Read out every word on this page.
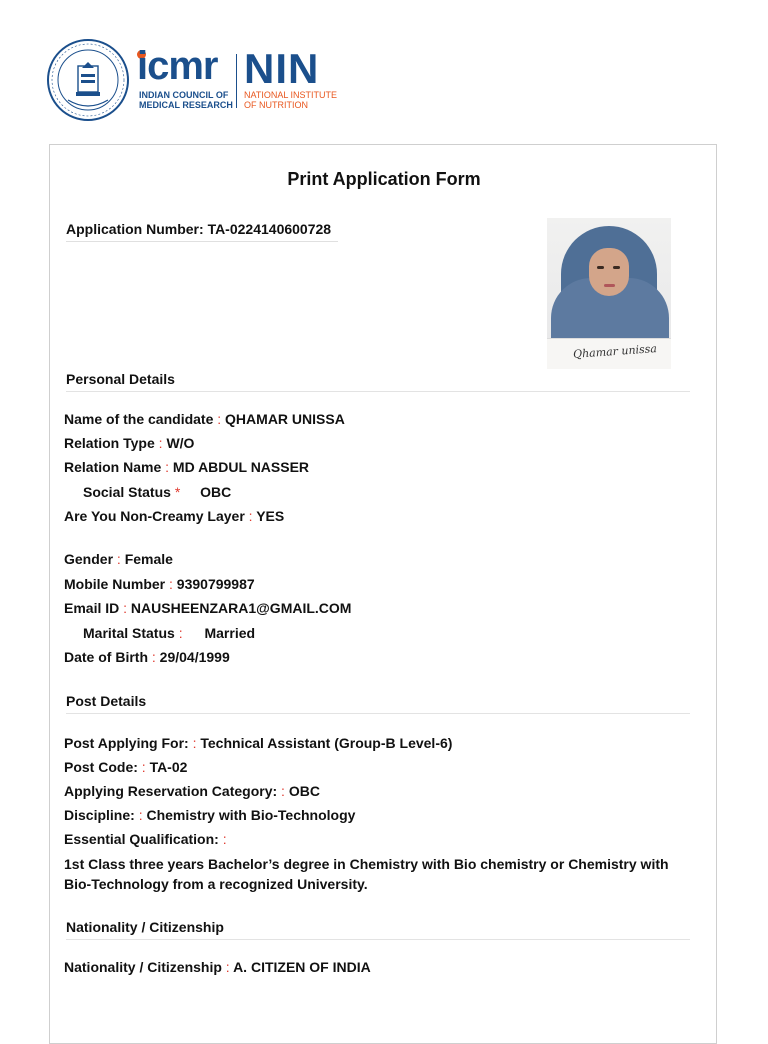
icmr
INDIAN COUNCIL OF
MEDICAL RESEARCH
NIN
NATIONAL INSTITUTE
OF NUTRITION
Print Application Form
Application Number: TA-0224140600728
Qhamar unissa
Personal Details
Name of the candidate : QHAMAR UNISSA
Relation Type : W/O
Relation Name : MD ABDUL NASSER
Social Status * OBC
Are You Non-Creamy Layer : YES
Gender : Female
Mobile Number : 9390799987
Email ID : NAUSHEENZARA1@GMAIL.COM
Marital Status : Married
Date of Birth : 29/04/1999
Post Details
Post Applying For: : Technical Assistant (Group-B Level-6)
Post Code: : TA-02
Applying Reservation Category: : OBC
Discipline: : Chemistry with Bio-Technology
Essential Qualification: :
1st Class three years Bachelor’s degree in Chemistry with Bio chemistry or Chemistry with Bio-Technology from a recognized University.
Nationality / Citizenship
Nationality / Citizenship : A. CITIZEN OF INDIA
